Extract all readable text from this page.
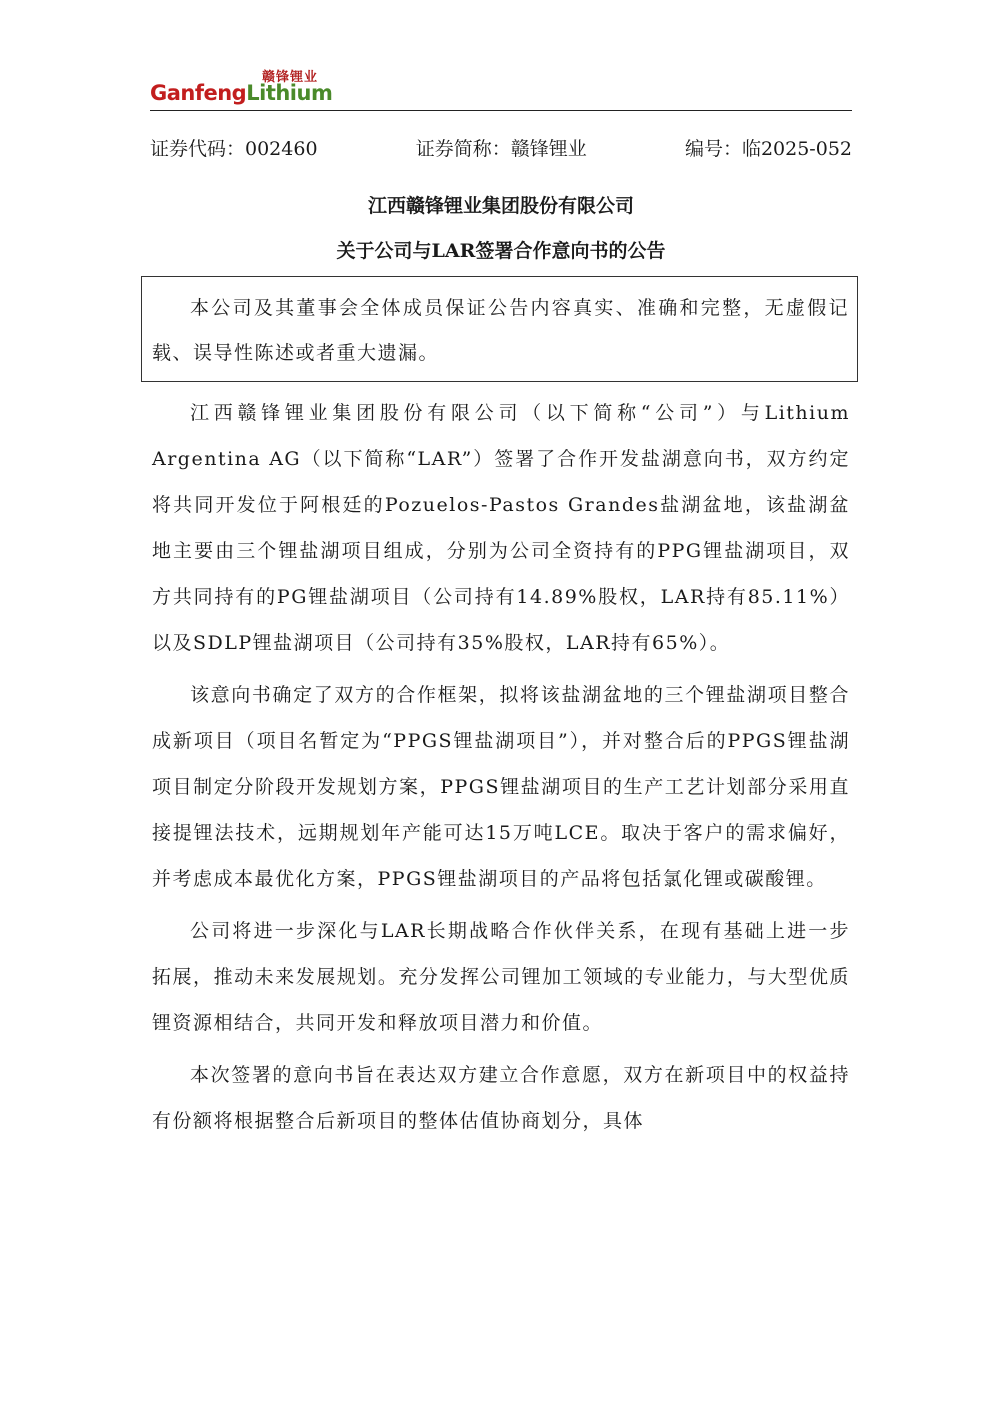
赣锋锂业
GanfengLithium
证券代码：002460	证券简称：赣锋锂业	编号：临2025-052
江西赣锋锂业集团股份有限公司
关于公司与LAR签署合作意向书的公告

本公司及其董事会全体成员保证公告内容真实、准确和完整，无虚假记载、误导性陈述或者重大遗漏。

江西赣锋锂业集团股份有限公司（以下简称“公司”）与Lithium Argentina AG（以下简称“LAR”）签署了合作开发盐湖意向书，双方约定将共同开发位于阿根廷的Pozuelos-Pastos Grandes盐湖盆地，该盐湖盆地主要由三个锂盐湖项目组成，分别为公司全资持有的PPG锂盐湖项目，双方共同持有的PG锂盐湖项目（公司持有14.89%股权，LAR持有85.11%）以及SDLP锂盐湖项目（公司持有35%股权，LAR持有65%）。

该意向书确定了双方的合作框架，拟将该盐湖盆地的三个锂盐湖项目整合成新项目（项目名暂定为“PPGS锂盐湖项目”），并对整合后的PPGS锂盐湖项目制定分阶段开发规划方案，PPGS锂盐湖项目的生产工艺计划部分采用直接提锂法技术，远期规划年产能可达15万吨LCE。取决于客户的需求偏好，并考虑成本最优化方案，PPGS锂盐湖项目的产品将包括氯化锂或碳酸锂。

公司将进一步深化与LAR长期战略合作伙伴关系，在现有基础上进一步拓展，推动未来发展规划。充分发挥公司锂加工领域的专业能力，与大型优质锂资源相结合，共同开发和释放项目潜力和价值。

本次签署的意向书旨在表达双方建立合作意愿，双方在新项目中的权益持有份额将根据整合后新项目的整体估值协商划分，具体
